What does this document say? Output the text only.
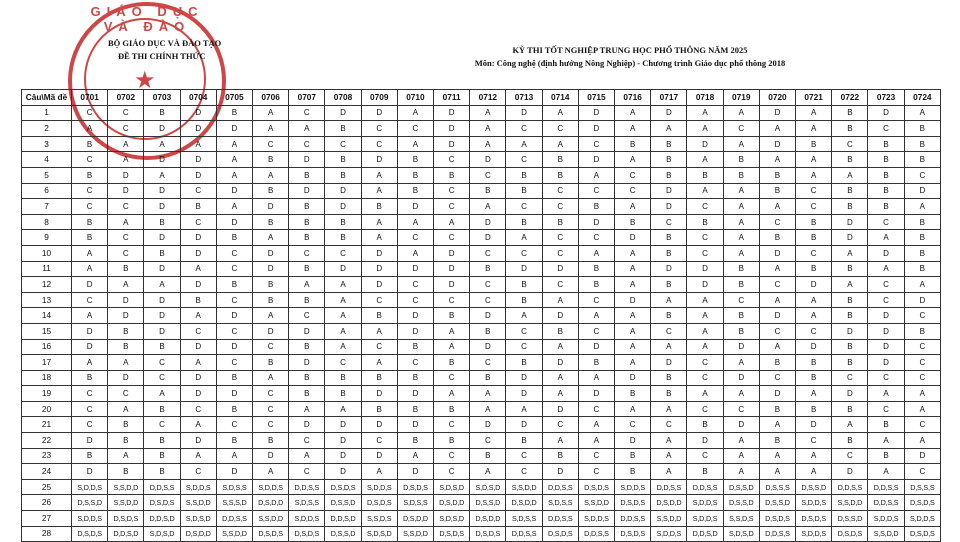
GIÁO DỤC VÀ ĐÀO
★
BỘ GIÁO DỤC VÀ ĐÀO TẠO
ĐỀ THI CHÍNH THỨC
KỲ THI TỐT NGHIỆP TRUNG HỌC PHỔ THÔNG NĂM 2025
Môn: Công nghệ (định hướng Nông Nghiệp) - Chương trình Giáo dục phổ thông 2018
Câu\Mã đề	0701	0702	0703	0704	0705	0706	0707	0708	0709	0710	0711	0712	0713	0714	0715	0716	0717	0718	0719	0720	0721	0722	0723	0724
1	C	C	B	D	B	A	C	D	D	A	D	A	D	A	D	A	D	A	A	D	A	B	D	A
2	A	C	D	D	D	A	A	B	C	C	D	A	C	C	D	A	A	A	C	A	A	B	C	B
3	B	A	A	A	A	C	C	C	C	A	D	A	A	A	C	B	B	D	A	D	B	C	B	B
4	C	A	D	D	A	B	D	B	D	B	C	D	C	B	D	A	B	A	B	A	A	B	B	B
5	B	D	A	D	A	A	B	B	A	B	B	C	B	B	A	C	B	B	B	B	A	A	B	C
6	C	D	D	C	D	B	D	D	A	B	C	B	B	C	C	C	D	A	A	B	C	B	B	D
7	C	C	D	B	A	D	B	D	B	D	C	A	C	C	B	A	D	C	A	A	C	B	B	A
8	B	A	B	C	D	B	B	B	A	A	A	D	B	B	D	B	C	B	A	C	B	D	C	B
9	B	C	D	D	B	A	B	B	A	C	C	D	A	C	C	D	B	C	A	B	B	D	A	B
10	A	C	B	D	C	D	C	C	D	A	D	C	C	C	A	A	B	C	A	D	C	A	D	B
11	A	B	D	A	C	D	B	D	D	D	D	B	D	D	B	A	D	D	B	A	B	B	A	B
12	D	A	A	D	B	B	A	A	D	C	D	C	B	C	B	A	B	D	B	C	D	A	C	A
13	C	D	D	B	C	B	B	A	C	C	C	C	B	A	C	D	A	A	C	A	A	B	C	D
14	A	D	D	A	D	A	C	A	B	D	B	D	A	D	A	A	B	A	B	D	A	B	D	C
15	D	B	D	C	C	D	D	A	A	D	A	B	C	B	C	A	C	A	B	C	C	D	D	B
16	D	B	B	D	D	C	B	A	C	B	A	D	C	A	D	A	A	A	D	A	D	B	D	C
17	A	A	C	A	C	B	D	C	A	C	B	C	B	D	B	A	D	C	A	B	B	B	D	C
18	B	D	C	D	B	A	B	B	B	B	C	B	D	A	A	D	B	C	D	C	B	C	C	C
19	C	C	A	D	D	C	B	B	D	D	A	A	D	A	D	B	B	A	A	D	A	D	A	A
20	C	A	B	C	B	C	A	A	B	B	B	A	A	D	C	A	A	C	C	B	B	B	C	A
21	C	B	C	A	C	C	D	D	D	D	C	D	D	C	A	C	C	B	D	A	D	A	B	C
22	D	B	B	D	B	B	C	D	C	B	B	C	B	A	A	D	A	D	A	B	C	B	A	A
23	B	A	B	A	A	D	A	D	D	A	C	B	C	B	C	B	A	C	A	A	A	C	B	D
24	D	B	B	C	D	A	C	D	A	D	C	A	C	D	C	B	A	B	A	A	A	D	A	C
25	S,D,D,S	S,S,D,D	D,D,S,S	S,D,D,S	S,D,S,S	S,D,D,S	D,D,S,S	D,S,D,S	S,D,D,S	D,S,D,S	S,D,S,D	S,D,S,D	S,S,D,D	D,D,S,S	D,S,D,S	S,D,D,S	D,D,S,S	D,D,S,S	D,S,S,D	D,S,S,S	D,S,S,D	D,D,S,S	D,D,S,S	D,S,S,S
26	D,S,S,D	S,S,D,D	D,S,D,S	S,S,D,D	S,S,S,D	D,S,D,D	S,D,S,S	D,S,S,D	D,S,D,S	S,D,S,S	D,S,D,D	D,S,S,D	D,S,D,D	S,D,S,S	S,S,D,D	D,S,D,S	D,S,D,D	S,D,D,S	D,S,S,D	D,S,S,D	S,D,D,S	S,S,D,D	D,D,S,S	D,S,D,S
27	S,D,D,S	D,S,D,S	D,D,S,D	S,D,S,D	D,D,S,S	S,S,D,D	S,D,D,S	D,D,S,D	S,S,D,S	D,S,D,D	S,D,S,D	D,S,D,D	S,D,S,S	D,D,S,S	S,D,D,S	D,D,S,S	S,S,D,D	S,D,D,S	S,S,D,S	D,S,D,S	D,S,D,S	D,S,S,D	S,D,D,S	S,D,D,S
28	D,S,D,S	D,D,S,D	S,D,S,D	D,S,D,D	S,S,D,D	D,S,D,S	D,S,D,S	D,S,S,D	S,D,S,D	S,S,D,D	D,S,D,S	D,S,D,S	D,D,S,S	D,S,D,S	D,D,S,S	D,S,D,S	S,D,D,S	D,D,S,D	S,D,S,D	D,D,S,S	S,D,D,S	D,S,D,S	S,S,D,D	D,S,D,S
